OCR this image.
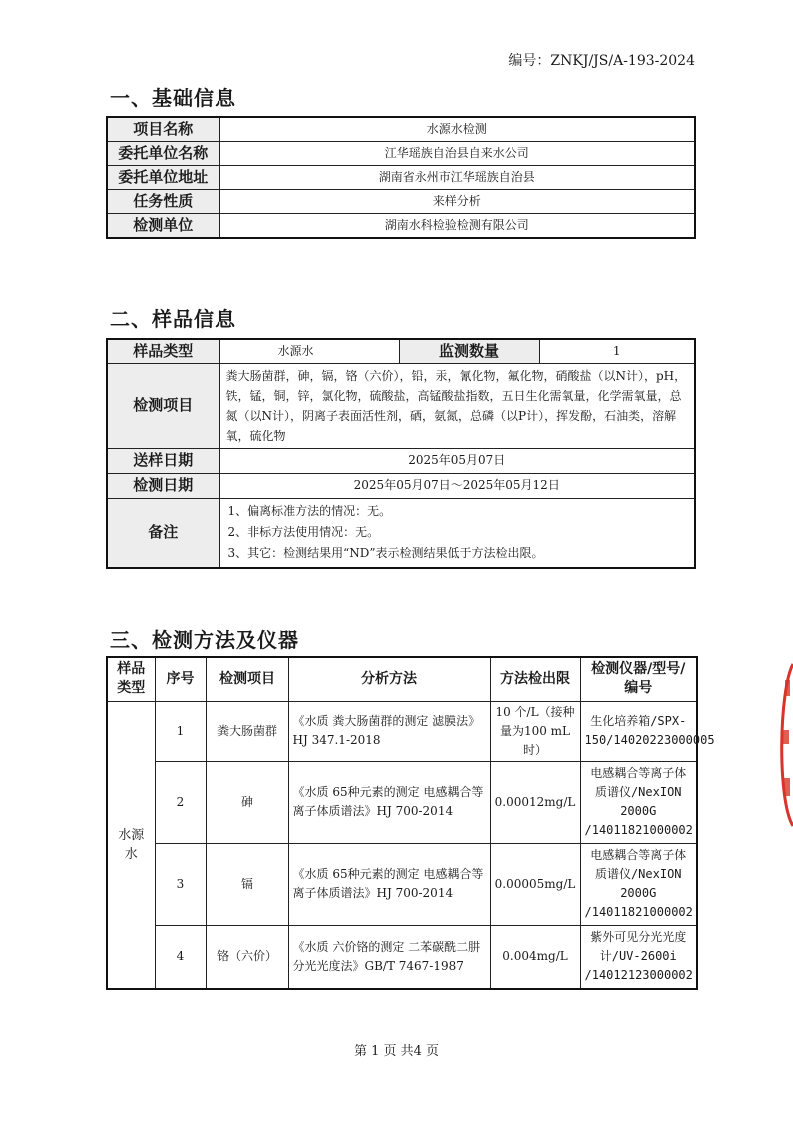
编号：ZNKJ/JS/A-193-2024
一、基础信息
项目名称	水源水检测
委托单位名称	江华瑶族自治县自来水公司
委托单位地址	湖南省永州市江华瑶族自治县
任务性质	来样分析
检测单位	湖南水科检验检测有限公司
二、样品信息
样品类型	水源水	监测数量	1
检测项目	粪大肠菌群，砷，镉，铬（六价），铅，汞，氰化物，氟化物，硝酸盐（以N计），pH，铁，锰，铜，锌，氯化物，硫酸盐，高锰酸盐指数，五日生化需氧量，化学需氧量，总氮（以N计），阴离子表面活性剂，硒，氨氮，总磷（以P计），挥发酚，石油类，溶解氧，硫化物		
送样日期	2025年05月07日		
检测日期	2025年05月07日～2025年05月12日		
备注	1、偏离标准方法的情况：无。
2、非标方法使用情况：无。
3、其它：检测结果用“ND”表示检测结果低于方法检出限。		
三、检测方法及仪器
样品类型	序号	检测项目	分析方法	方法检出限	检测仪器/型号/编号
水源水	1	粪大肠菌群	《水质 粪大肠菌群的测定 滤膜法》HJ 347.1-2018	10 个/L（接种量为100 mL时）	生化培养箱/SPX-150/14020223000005
	2	砷	《水质 65种元素的测定 电感耦合等离子体质谱法》HJ 700-2014	0.00012mg/L	电感耦合等离子体质谱仪/NexION 2000G /14011821000002
	3	镉	《水质 65种元素的测定 电感耦合等离子体质谱法》HJ 700-2014	0.00005mg/L	电感耦合等离子体质谱仪/NexION 2000G /14011821000002
	4	铬（六价）	《水质 六价铬的测定 二苯碳酰二肼分光光度法》GB/T 7467-1987	0.004mg/L	紫外可见分光光度计/UV-2600i /14012123000002
第 1 页 共4 页
